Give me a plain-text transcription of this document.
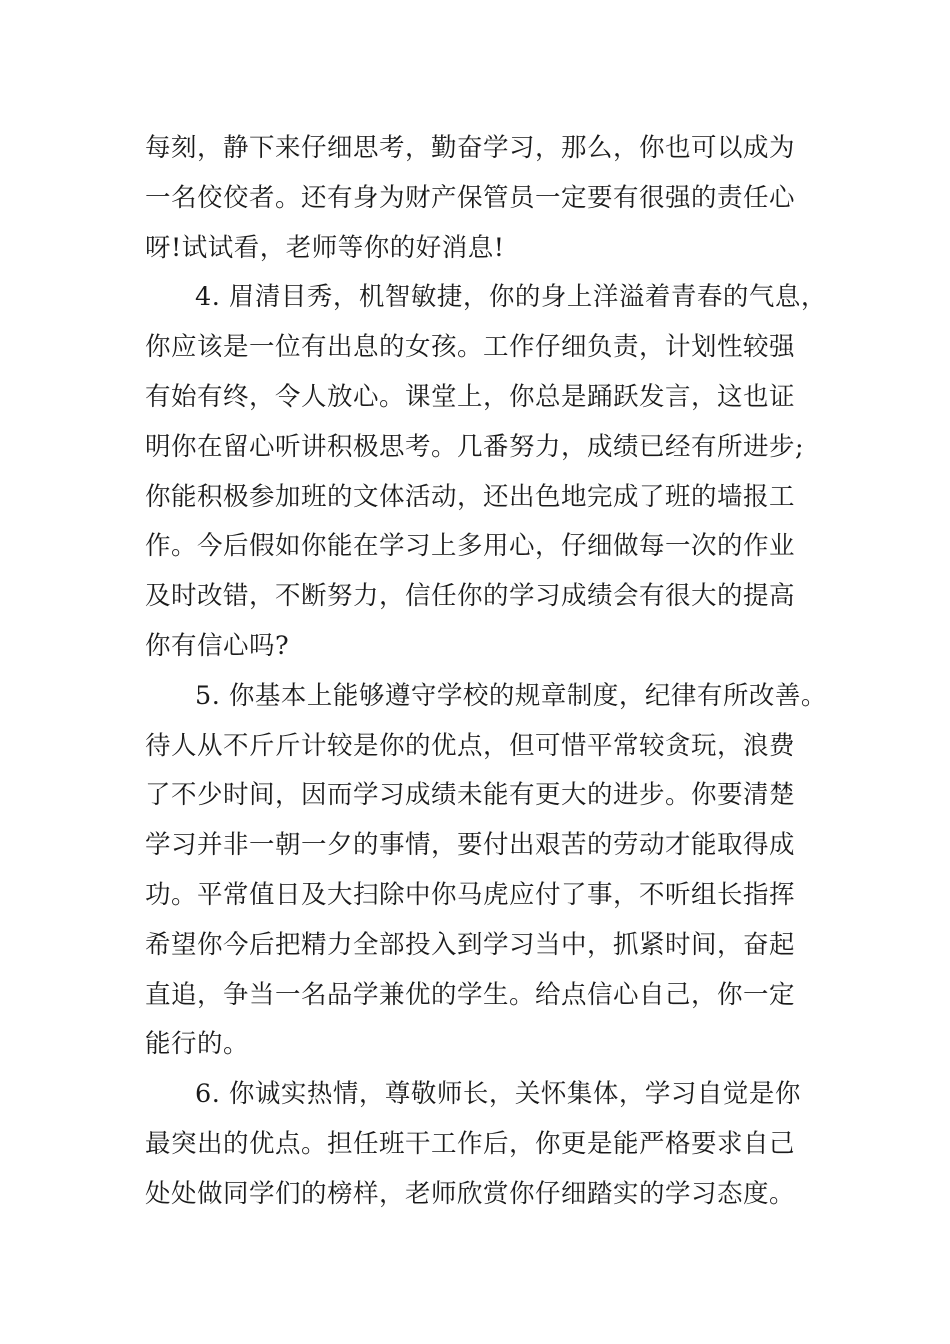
每刻，静下来仔细思考，勤奋学习，那么，你也可以成为
一名佼佼者。还有身为财产保管员一定要有很强的责任心
呀!试试看，老师等你的好消息!
4. 眉清目秀，机智敏捷，你的身上洋溢着青春的气息，
你应该是一位有出息的女孩。工作仔细负责，计划性较强
有始有终，令人放心。课堂上，你总是踊跃发言，这也证
明你在留心听讲积极思考。几番努力，成绩已经有所进步;
你能积极参加班的文体活动，还出色地完成了班的墙报工
作。今后假如你能在学习上多用心，仔细做每一次的作业
及时改错，不断努力，信任你的学习成绩会有很大的提高
你有信心吗?
5. 你基本上能够遵守学校的规章制度，纪律有所改善。
待人从不斤斤计较是你的优点，但可惜平常较贪玩，浪费
了不少时间，因而学习成绩未能有更大的进步。你要清楚
学习并非一朝一夕的事情，要付出艰苦的劳动才能取得成
功。平常值日及大扫除中你马虎应付了事，不听组长指挥
希望你今后把精力全部投入到学习当中，抓紧时间，奋起
直追，争当一名品学兼优的学生。给点信心自己，你一定
能行的。
6. 你诚实热情，尊敬师长，关怀集体，学习自觉是你
最突出的优点。担任班干工作后，你更是能严格要求自己
处处做同学们的榜样，老师欣赏你仔细踏实的学习态度。
